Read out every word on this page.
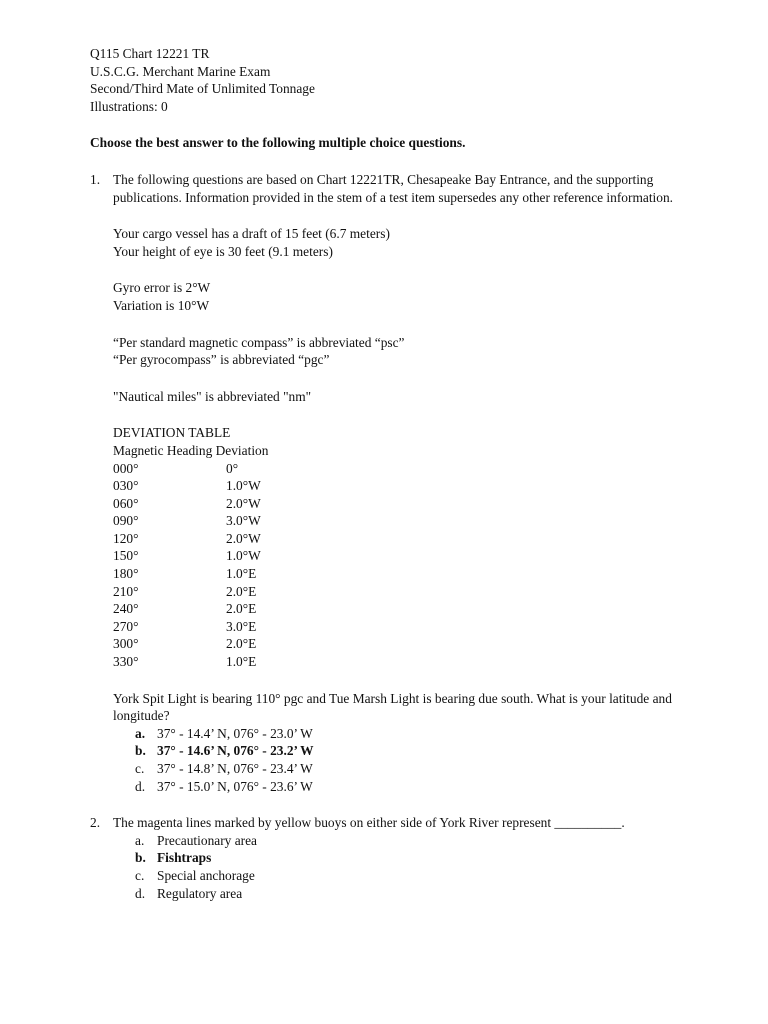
Q115 Chart 12221 TR
U.S.C.G. Merchant Marine Exam
Second/Third Mate of Unlimited Tonnage
Illustrations: 0
Choose the best answer to the following multiple choice questions.
1. The following questions are based on Chart 12221TR, Chesapeake Bay Entrance, and the supporting publications. Information provided in the stem of a test item supersedes any other reference information.
Your cargo vessel has a draft of 15 feet (6.7 meters)
Your height of eye is 30 feet (9.1 meters)
Gyro error is 2°W
Variation is 10°W
“Per standard magnetic compass” is abbreviated “psc”
“Per gyrocompass” is abbreviated “pgc”
"Nautical miles" is abbreviated "nm"
DEVIATION TABLE
Magnetic Heading Deviation
000°	0°
030°	1.0°W
060°	2.0°W
090°	3.0°W
120°	2.0°W
150°	1.0°W
180°	1.0°E
210°	2.0°E
240°	2.0°E
270°	3.0°E
300°	2.0°E
330°	1.0°E
York Spit Light is bearing 110° pgc and Tue Marsh Light is bearing due south. What is your latitude and longitude?
a. 37° - 14.4’ N, 076° - 23.0’ W
b. 37° - 14.6’ N, 076° - 23.2’ W
c. 37° - 14.8’ N, 076° - 23.4’ W
d. 37° - 15.0’ N, 076° - 23.6’ W
2. The magenta lines marked by yellow buoys on either side of York River represent __________.
a. Precautionary area
b. Fishtraps
c. Special anchorage
d. Regulatory area
